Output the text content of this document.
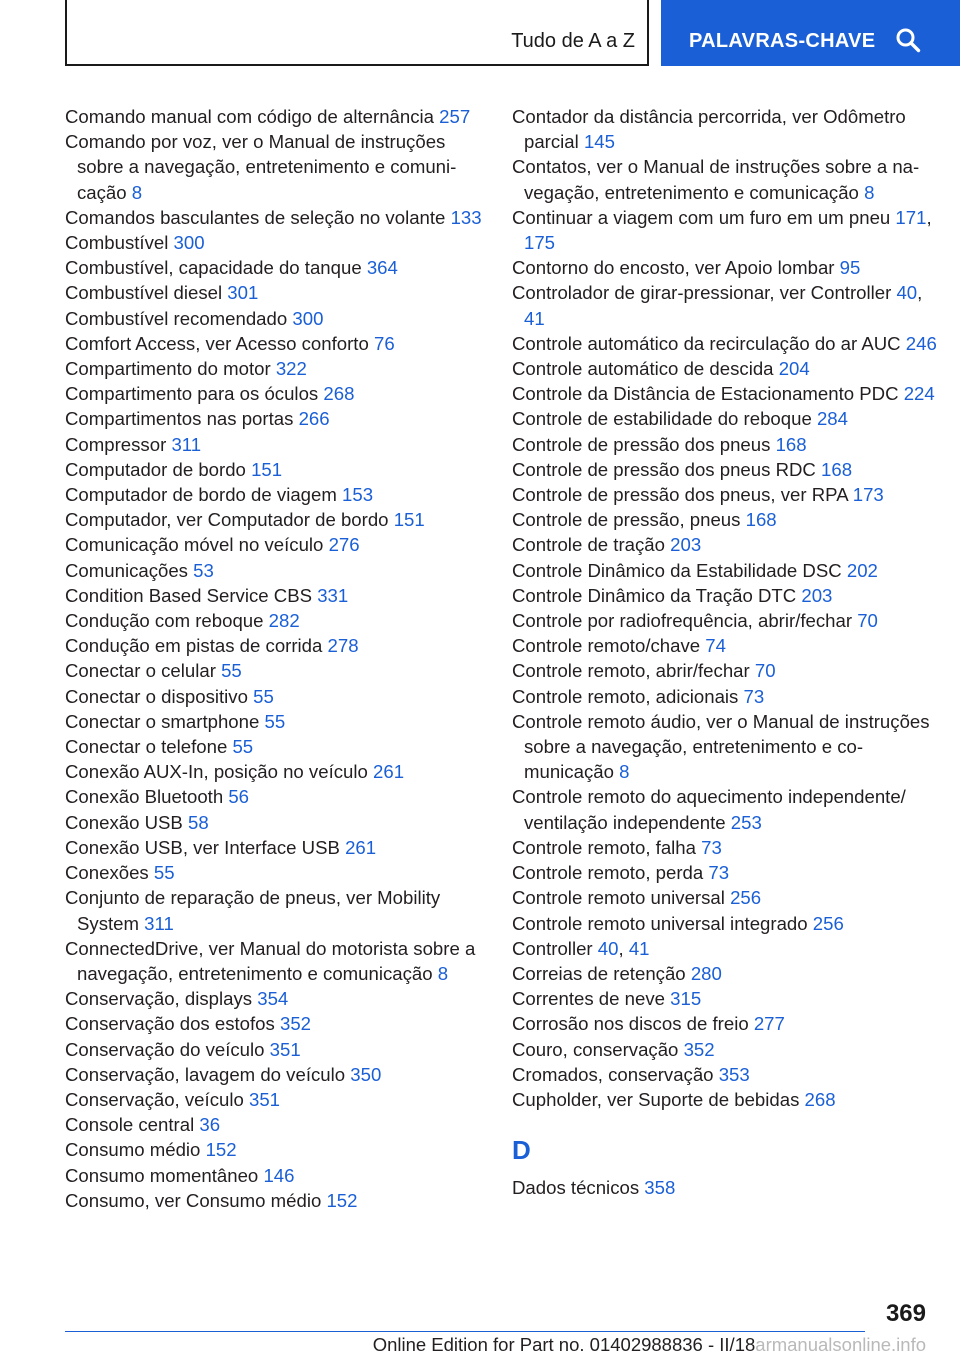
Tudo de A a Z	PALAVRAS-CHAVE
Comando manual com código de alternância 257
Comando por voz, ver o Manual de instruções sobre a navegação, entretenimento e comunicação 8
Comandos basculantes de seleção no volante 133
Combustível 300
Combustível, capacidade do tanque 364
Combustível diesel 301
Combustível recomendado 300
Comfort Access, ver Acesso conforto 76
Compartimento do motor 322
Compartimento para os óculos 268
Compartimentos nas portas 266
Compressor 311
Computador de bordo 151
Computador de bordo de viagem 153
Computador, ver Computador de bordo 151
Comunicação móvel no veículo 276
Comunicações 53
Condition Based Service CBS 331
Condução com reboque 282
Condução em pistas de corrida 278
Conectar o celular 55
Conectar o dispositivo 55
Conectar o smartphone 55
Conectar o telefone 55
Conexão AUX-In, posição no veículo 261
Conexão Bluetooth 56
Conexão USB 58
Conexão USB, ver Interface USB 261
Conexões 55
Conjunto de reparação de pneus, ver Mobility System 311
ConnectedDrive, ver Manual do motorista sobre a navegação, entretenimento e comunicação 8
Conservação, displays 354
Conservação dos estofos 352
Conservação do veículo 351
Conservação, lavagem do veículo 350
Conservação, veículo 351
Console central 36
Consumo médio 152
Consumo momentâneo 146
Consumo, ver Consumo médio 152
Contador da distância percorrida, ver Odômetro parcial 145
Contatos, ver o Manual de instruções sobre a navegação, entretenimento e comunicação 8
Continuar a viagem com um furo em um pneu 171, 175
Contorno do encosto, ver Apoio lombar 95
Controlador de girar-pressionar, ver Controller 40, 41
Controle automático da recirculação do ar AUC 246
Controle automático de descida 204
Controle da Distância de Estacionamento PDC 224
Controle de estabilidade do reboque 284
Controle de pressão dos pneus 168
Controle de pressão dos pneus RDC 168
Controle de pressão dos pneus, ver RPA 173
Controle de pressão, pneus 168
Controle de tração 203
Controle Dinâmico da Estabilidade DSC 202
Controle Dinâmico da Tração DTC 203
Controle por radiofrequência, abrir/fechar 70
Controle remoto/chave 74
Controle remoto, abrir/fechar 70
Controle remoto, adicionais 73
Controle remoto áudio, ver o Manual de instruções sobre a navegação, entretenimento e comunicação 8
Controle remoto do aquecimento independente/ ventilação independente 253
Controle remoto, falha 73
Controle remoto, perda 73
Controle remoto universal 256
Controle remoto universal integrado 256
Controller 40, 41
Correias de retenção 280
Correntes de neve 315
Corrosão nos discos de freio 277
Couro, conservação 352
Cromados, conservação 353
Cupholder, ver Suporte de bebidas 268
D
Dados técnicos 358
369
Online Edition for Part no. 01402988836 - II/18armanualsonline.info
